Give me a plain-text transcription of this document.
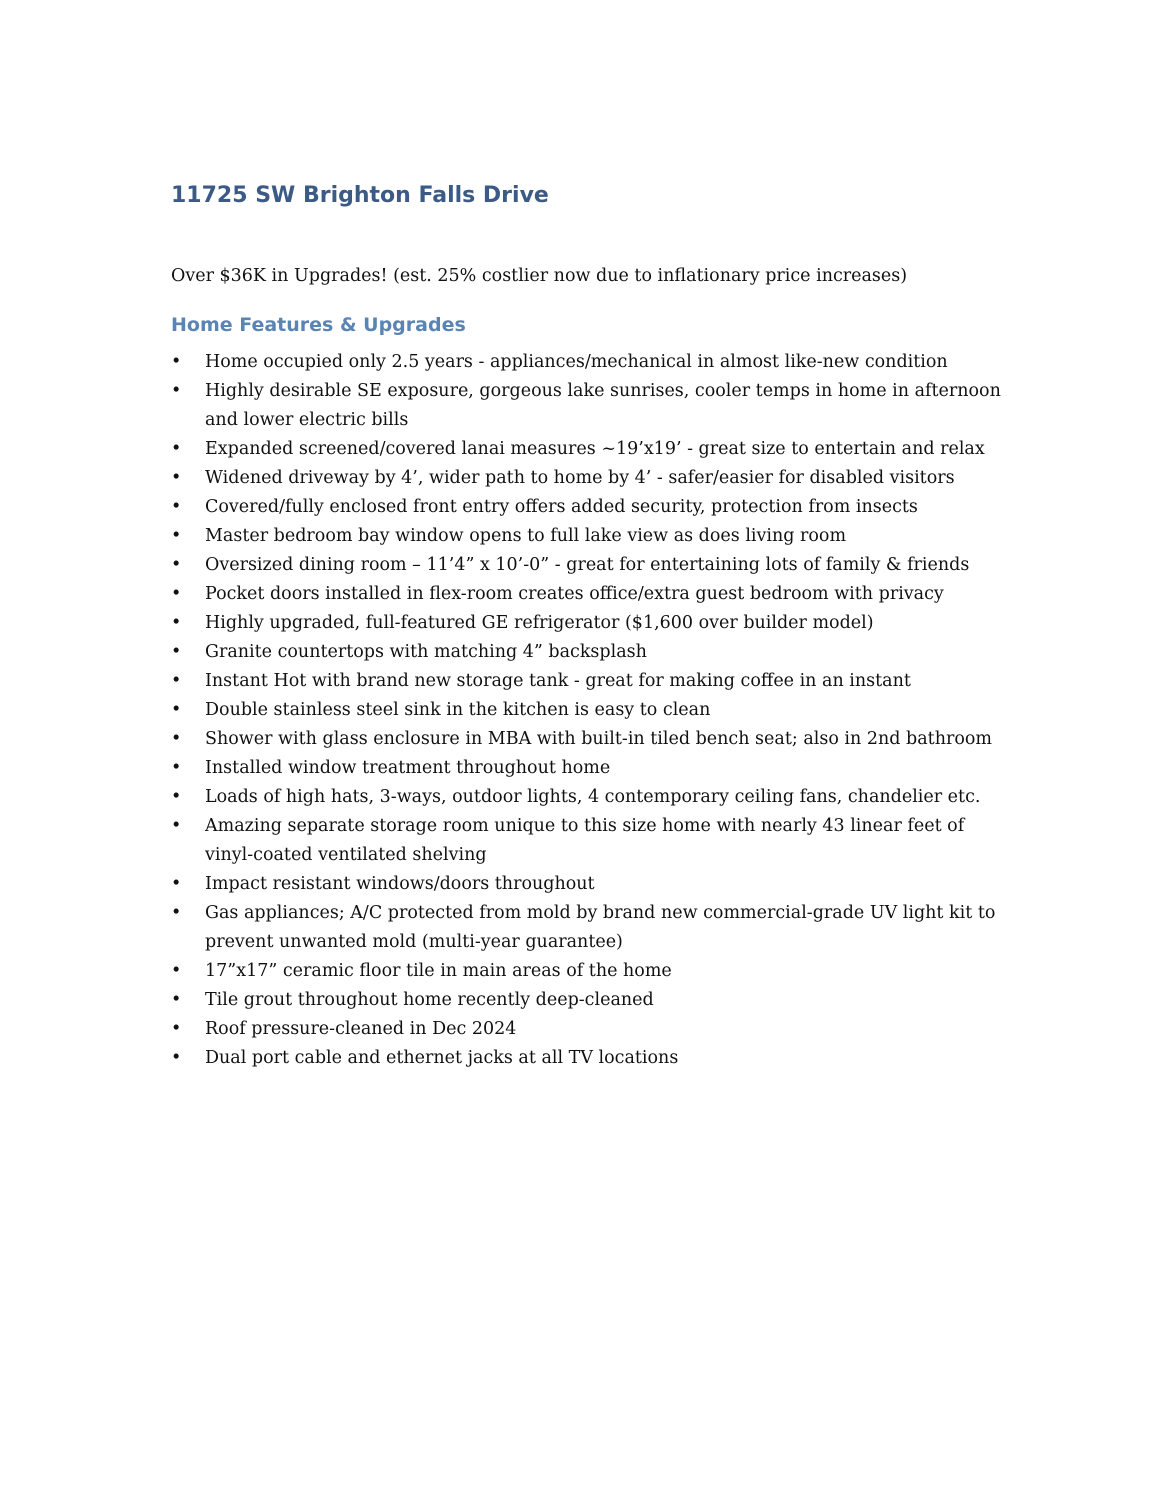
11725 SW Brighton Falls Drive

Over $36K in Upgrades! (est. 25% costlier now due to inflationary price increases)

Home Features & Upgrades
• Home occupied only 2.5 years - appliances/mechanical in almost like-new condition
• Highly desirable SE exposure, gorgeous lake sunrises, cooler temps in home in afternoon and lower electric bills
• Expanded screened/covered lanai measures ~19’x19’ - great size to entertain and relax
• Widened driveway by 4’, wider path to home by 4’ - safer/easier for disabled visitors
• Covered/fully enclosed front entry offers added security, protection from insects
• Master bedroom bay window opens to full lake view as does living room
• Oversized dining room – 11’4” x 10’-0” - great for entertaining lots of family & friends
• Pocket doors installed in flex-room creates office/extra guest bedroom with privacy
• Highly upgraded, full-featured GE refrigerator ($1,600 over builder model)
• Granite countertops with matching 4” backsplash
• Instant Hot with brand new storage tank - great for making coffee in an instant
• Double stainless steel sink in the kitchen is easy to clean
• Shower with glass enclosure in MBA with built-in tiled bench seat; also in 2nd bathroom
• Installed window treatment throughout home
• Loads of high hats, 3-ways, outdoor lights, 4 contemporary ceiling fans, chandelier etc.
• Amazing separate storage room unique to this size home with nearly 43 linear feet of vinyl-coated ventilated shelving
• Impact resistant windows/doors throughout
• Gas appliances; A/C protected from mold by brand new commercial-grade UV light kit to prevent unwanted mold (multi-year guarantee)
• 17”x17” ceramic floor tile in main areas of the home
• Tile grout throughout home recently deep-cleaned
• Roof pressure-cleaned in Dec 2024
• Dual port cable and ethernet jacks at all TV locations
